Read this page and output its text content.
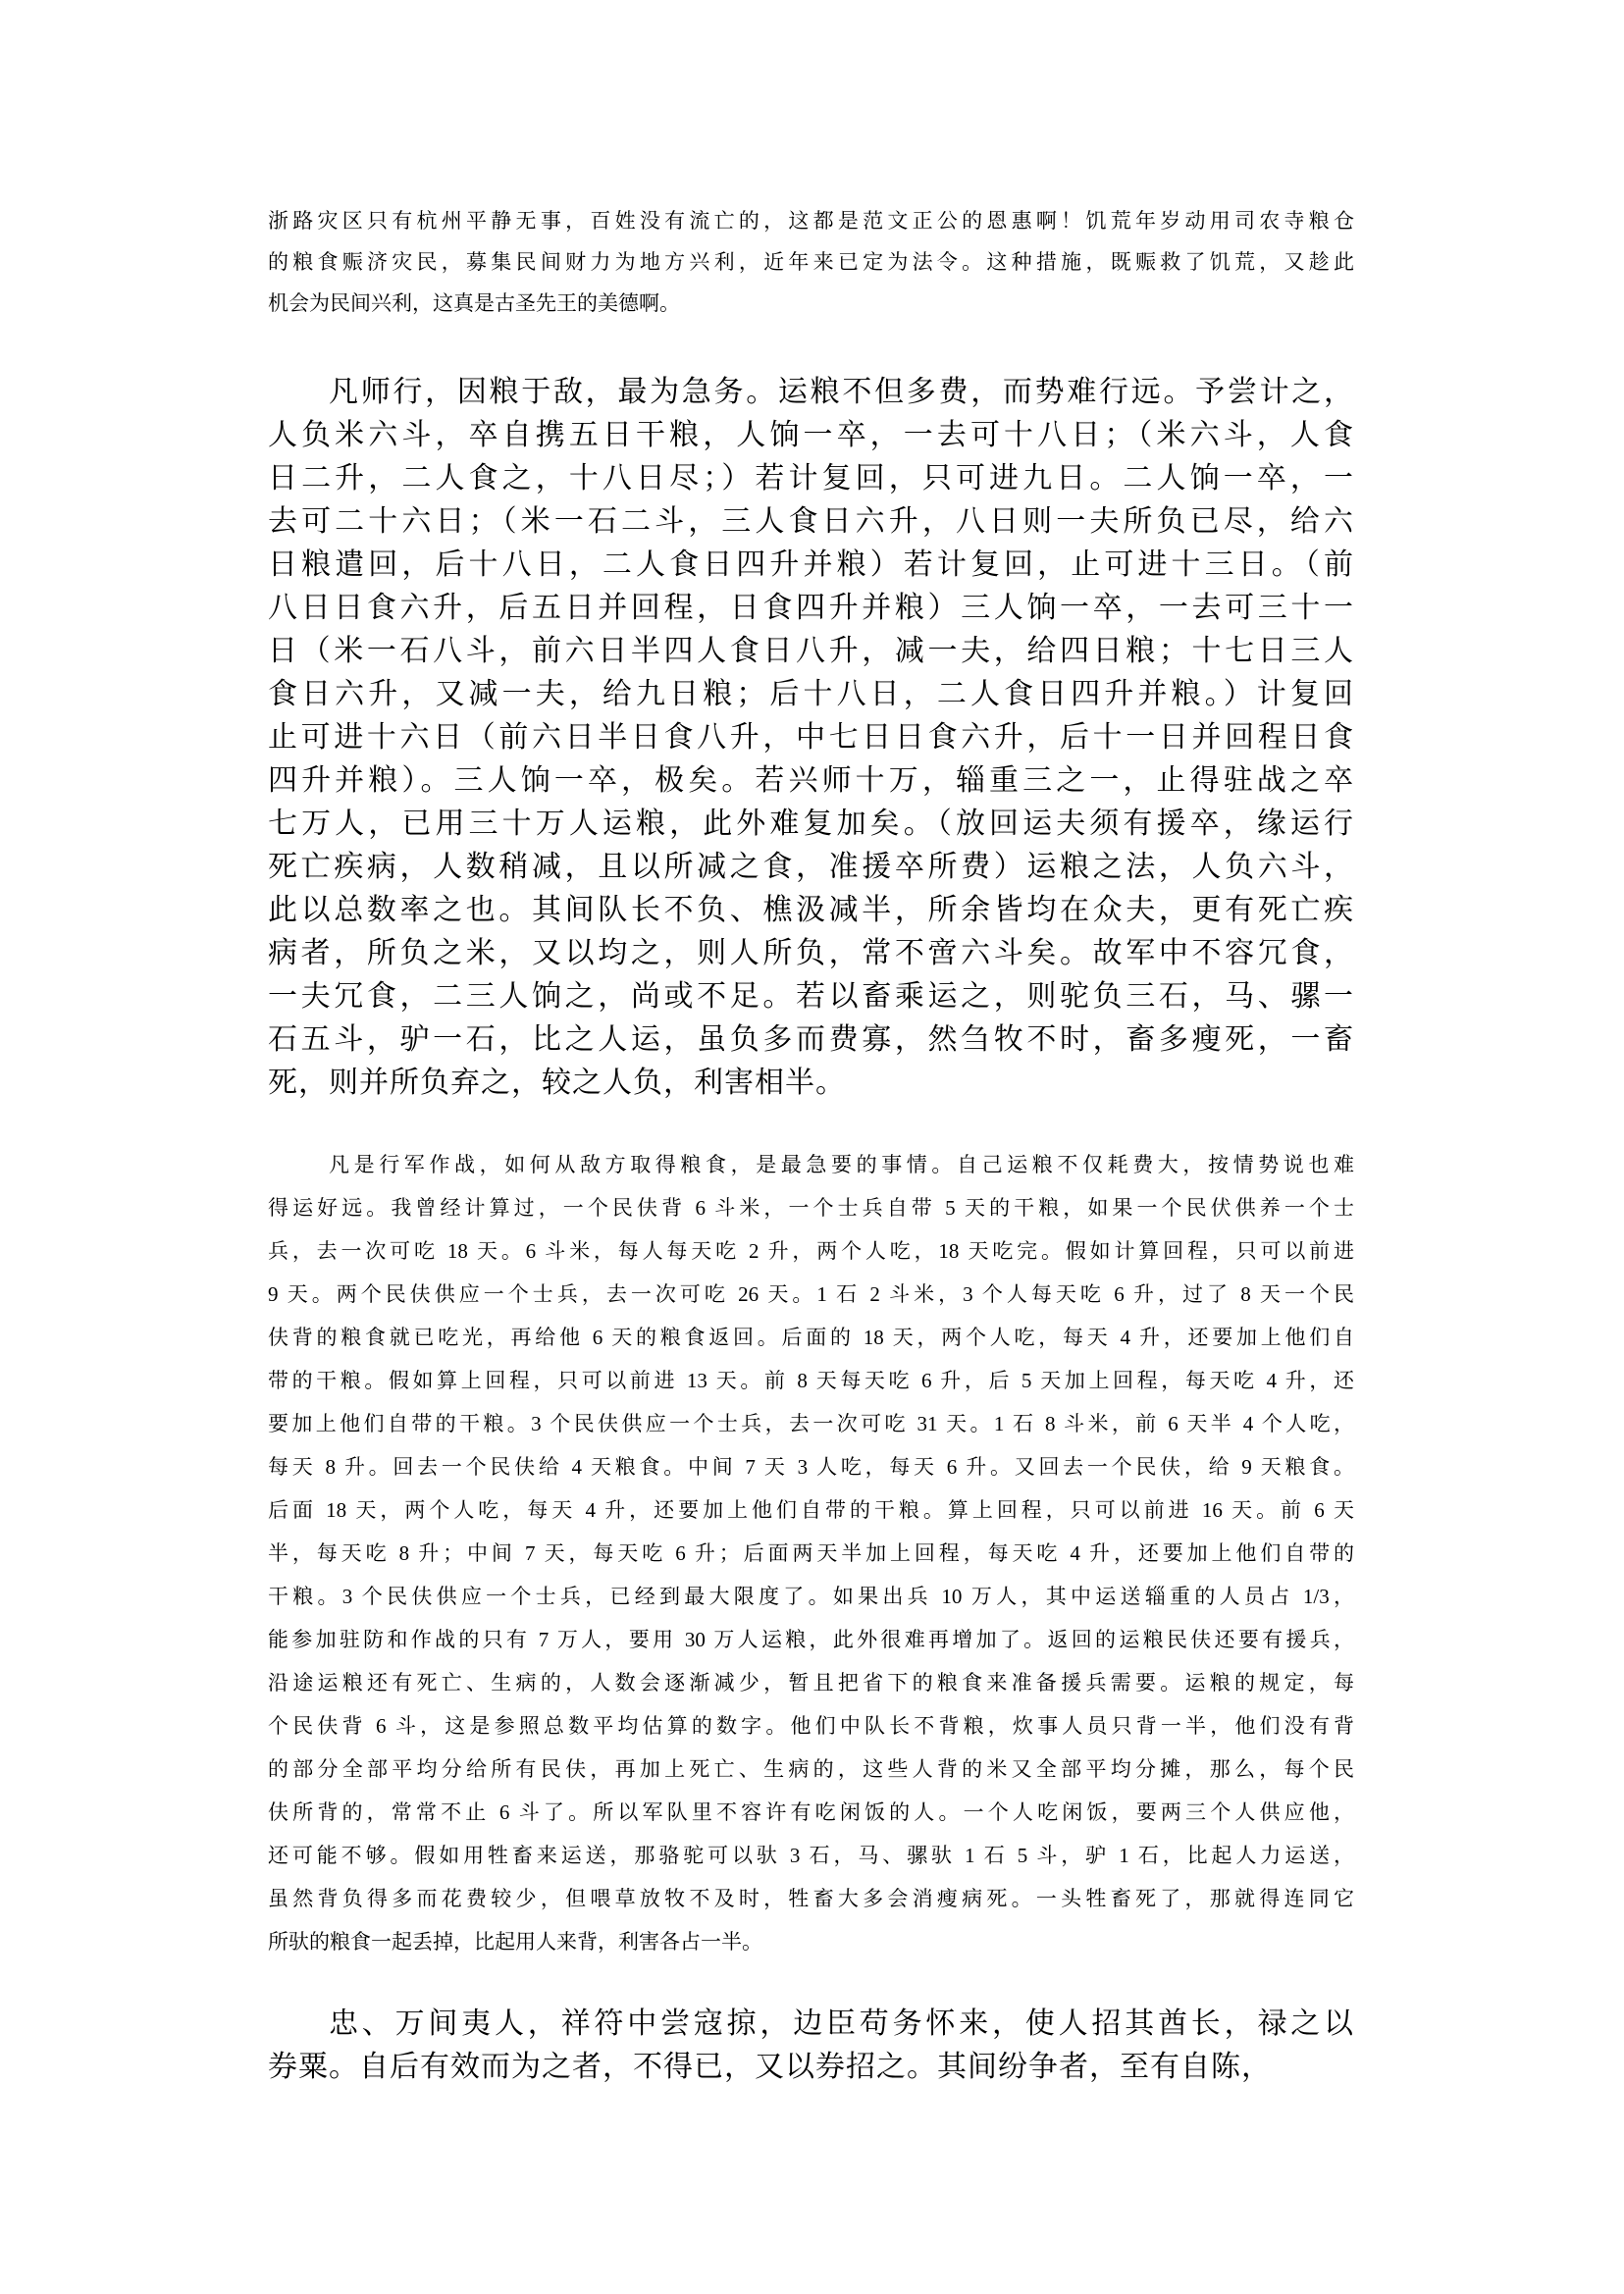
浙路灾区只有杭州平静无事，百姓没有流亡的，这都是范文正公的恩惠啊！饥荒年岁动用司农寺粮仓
的粮食赈济灾民，募集民间财力为地方兴利，近年来已定为法令。这种措施，既赈救了饥荒，又趁此
机会为民间兴利，这真是古圣先王的美德啊。
凡师行，因粮于敌，最为急务。运粮不但多费，而势难行远。予尝计之，
人负米六斗，卒自携五日干粮，人饷一卒，一去可十八日；（米六斗，人食
日二升，二人食之，十八日尽；）若计复回，只可进九日。二人饷一卒，一
去可二十六日；（米一石二斗，三人食日六升，八日则一夫所负已尽，给六
日粮遣回，后十八日，二人食日四升并粮）若计复回，止可进十三日。（前
八日日食六升，后五日并回程，日食四升并粮）三人饷一卒，一去可三十一
日（米一石八斗，前六日半四人食日八升，减一夫，给四日粮；十七日三人
食日六升，又减一夫，给九日粮；后十八日，二人食日四升并粮。）计复回
止可进十六日（前六日半日食八升，中七日日食六升，后十一日并回程日食
四升并粮）。三人饷一卒，极矣。若兴师十万，辎重三之一，止得驻战之卒
七万人，已用三十万人运粮，此外难复加矣。（放回运夫须有援卒，缘运行
死亡疾病，人数稍减，且以所减之食，准援卒所费）运粮之法，人负六斗，
此以总数率之也。其间队长不负、樵汲减半，所余皆均在众夫，更有死亡疾
病者，所负之米，又以均之，则人所负，常不啻六斗矣。故军中不容冗食，
一夫冗食，二三人饷之，尚或不足。若以畜乘运之，则驼负三石，马、骡一
石五斗，驴一石，比之人运，虽负多而费寡，然刍牧不时，畜多瘦死，一畜
死，则并所负弃之，较之人负，利害相半。
凡是行军作战，如何从敌方取得粮食，是最急要的事情。自己运粮不仅耗费大，按情势说也难
得运好远。我曾经计算过，一个民伕背 6 斗米，一个士兵自带 5 天的干粮，如果一个民伏供养一个士
兵，去一次可吃 18 天。6 斗米，每人每天吃 2 升，两个人吃，18 天吃完。假如计算回程，只可以前进
9 天。两个民伕供应一个士兵，去一次可吃 26 天。1 石 2 斗米，3 个人每天吃 6 升，过了 8 天一个民
伕背的粮食就已吃光，再给他 6 天的粮食返回。后面的 18 天，两个人吃，每天 4 升，还要加上他们自
带的干粮。假如算上回程，只可以前进 13 天。前 8 天每天吃 6 升，后 5 天加上回程，每天吃 4 升，还
要加上他们自带的干粮。3 个民伕供应一个士兵，去一次可吃 31 天。1 石 8 斗米，前 6 天半 4 个人吃，
每天 8 升。回去一个民伕给 4 天粮食。中间 7 天 3 人吃，每天 6 升。又回去一个民伕，给 9 天粮食。
后面 18 天，两个人吃，每天 4 升，还要加上他们自带的干粮。算上回程，只可以前进 16 天。前 6 天
半，每天吃 8 升；中间 7 天，每天吃 6 升；后面两天半加上回程，每天吃 4 升，还要加上他们自带的
干粮。3 个民伕供应一个士兵，已经到最大限度了。如果出兵 10 万人，其中运送辎重的人员占 1/3，
能参加驻防和作战的只有 7 万人，要用 30 万人运粮，此外很难再增加了。返回的运粮民伕还要有援兵，
沿途运粮还有死亡、生病的，人数会逐渐减少，暂且把省下的粮食来准备援兵需要。运粮的规定，每
个民伕背 6 斗，这是参照总数平均估算的数字。他们中队长不背粮，炊事人员只背一半，他们没有背
的部分全部平均分给所有民伕，再加上死亡、生病的，这些人背的米又全部平均分摊，那么，每个民
伕所背的，常常不止 6 斗了。所以军队里不容许有吃闲饭的人。一个人吃闲饭，要两三个人供应他，
还可能不够。假如用牲畜来运送，那骆驼可以驮 3 石，马、骡驮 1 石 5 斗，驴 1 石，比起人力运送，
虽然背负得多而花费较少，但喂草放牧不及时，牲畜大多会消瘦病死。一头牲畜死了，那就得连同它
所驮的粮食一起丢掉，比起用人来背，利害各占一半。
忠、万间夷人，祥符中尝寇掠，边臣苟务怀来，使人招其酋长，禄之以
券粟。自后有效而为之者，不得已，又以券招之。其间纷争者，至有自陈，
